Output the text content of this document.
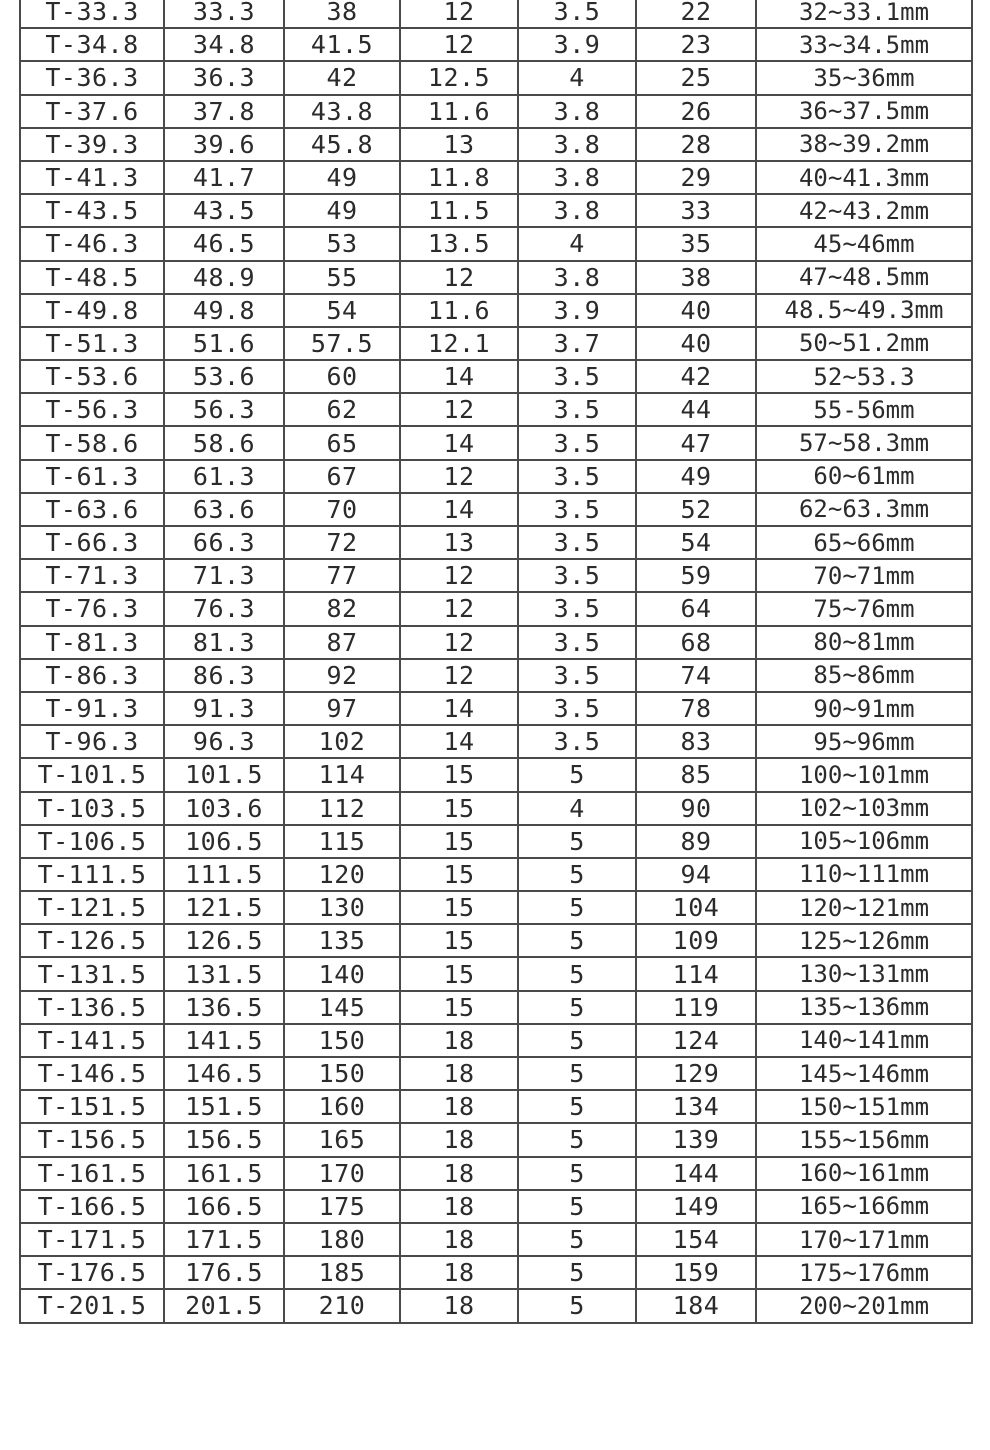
T-33.3	33.3	38	12	3.5	22	32~33.1mm
T-34.8	34.8	41.5	12	3.9	23	33~34.5mm
T-36.3	36.3	42	12.5	4	25	35~36mm
T-37.6	37.8	43.8	11.6	3.8	26	36~37.5mm
T-39.3	39.6	45.8	13	3.8	28	38~39.2mm
T-41.3	41.7	49	11.8	3.8	29	40~41.3mm
T-43.5	43.5	49	11.5	3.8	33	42~43.2mm
T-46.3	46.5	53	13.5	4	35	45~46mm
T-48.5	48.9	55	12	3.8	38	47~48.5mm
T-49.8	49.8	54	11.6	3.9	40	48.5~49.3mm
T-51.3	51.6	57.5	12.1	3.7	40	50~51.2mm
T-53.6	53.6	60	14	3.5	42	52~53.3
T-56.3	56.3	62	12	3.5	44	55-56mm
T-58.6	58.6	65	14	3.5	47	57~58.3mm
T-61.3	61.3	67	12	3.5	49	60~61mm
T-63.6	63.6	70	14	3.5	52	62~63.3mm
T-66.3	66.3	72	13	3.5	54	65~66mm
T-71.3	71.3	77	12	3.5	59	70~71mm
T-76.3	76.3	82	12	3.5	64	75~76mm
T-81.3	81.3	87	12	3.5	68	80~81mm
T-86.3	86.3	92	12	3.5	74	85~86mm
T-91.3	91.3	97	14	3.5	78	90~91mm
T-96.3	96.3	102	14	3.5	83	95~96mm
T-101.5	101.5	114	15	5	85	100~101mm
T-103.5	103.6	112	15	4	90	102~103mm
T-106.5	106.5	115	15	5	89	105~106mm
T-111.5	111.5	120	15	5	94	110~111mm
T-121.5	121.5	130	15	5	104	120~121mm
T-126.5	126.5	135	15	5	109	125~126mm
T-131.5	131.5	140	15	5	114	130~131mm
T-136.5	136.5	145	15	5	119	135~136mm
T-141.5	141.5	150	18	5	124	140~141mm
T-146.5	146.5	150	18	5	129	145~146mm
T-151.5	151.5	160	18	5	134	150~151mm
T-156.5	156.5	165	18	5	139	155~156mm
T-161.5	161.5	170	18	5	144	160~161mm
T-166.5	166.5	175	18	5	149	165~166mm
T-171.5	171.5	180	18	5	154	170~171mm
T-176.5	176.5	185	18	5	159	175~176mm
T-201.5	201.5	210	18	5	184	200~201mm
